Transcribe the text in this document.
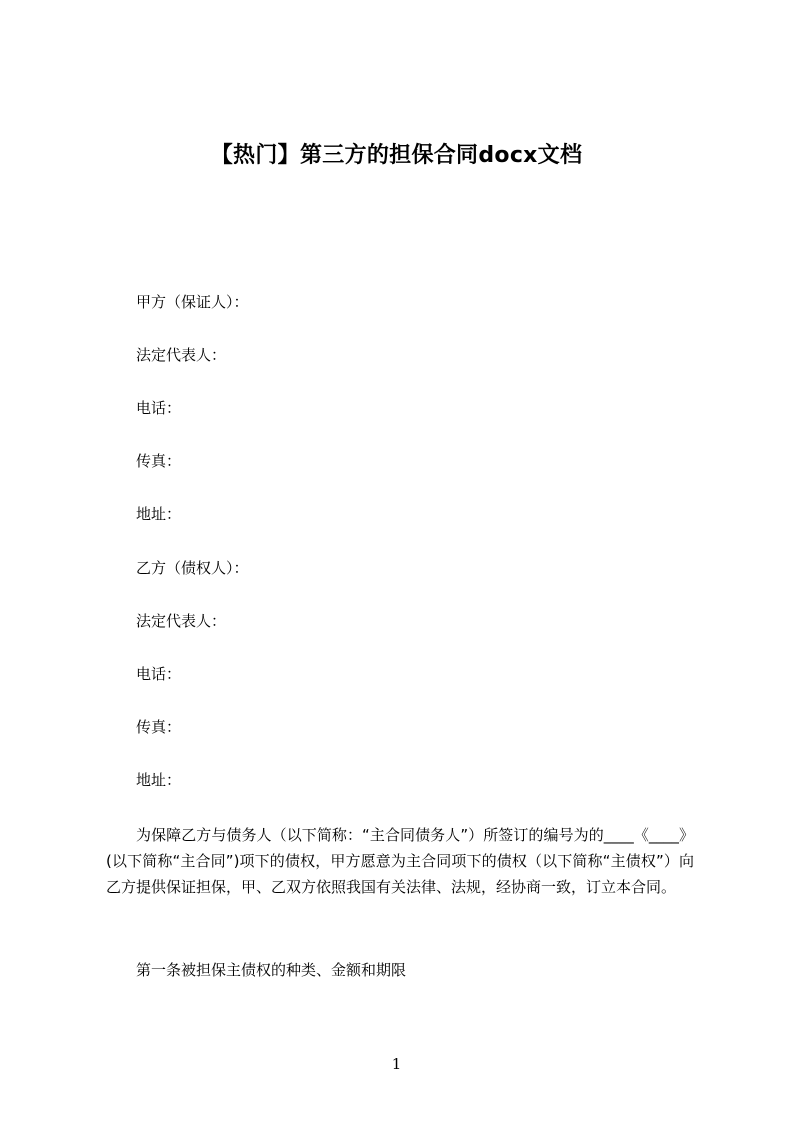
【热门】第三方的担保合同docx文档
甲方（保证人）：
法定代表人：
电话：
传真：
地址：
乙方（债权人）：
法定代表人：
电话：
传真：
地址：
为保障乙方与债务人（以下简称：“主合同债务人”）所签订的编号为的____《____》(以下简称“主合同”)项下的债权，甲方愿意为主合同项下的债权（以下简称“主债权”）向乙方提供保证担保，甲、乙双方依照我国有关法律、法规，经协商一致，订立本合同。
第一条被担保主债权的种类、金额和期限
1
